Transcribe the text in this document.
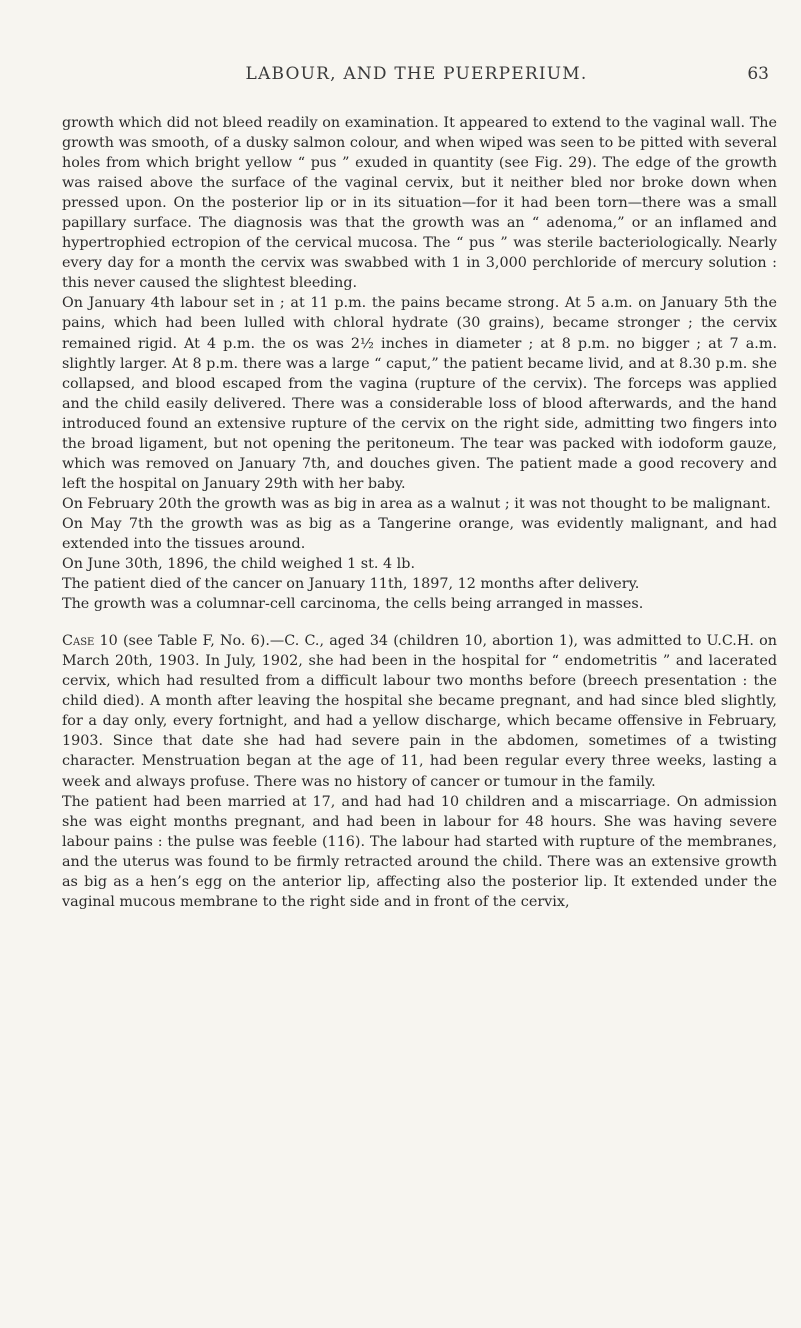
LABOUR, AND THE PUERPERIUM.	63

growth which did not bleed readily on examination. It appeared to extend to the vaginal wall. The growth was smooth, of a dusky salmon colour, and when wiped was seen to be pitted with several holes from which bright yellow “ pus ” exuded in quantity (see Fig. 29). The edge of the growth was raised above the surface of the vaginal cervix, but it neither bled nor broke down when pressed upon. On the posterior lip or in its situation—for it had been torn—there was a small papillary surface. The diagnosis was that the growth was an “ adenoma,” or an inflamed and hypertrophied ectropion of the cervical mucosa. The “ pus ” was sterile bacteriologically. Nearly every day for a month the cervix was swabbed with 1 in 3,000 perchloride of mercury solution : this never caused the slightest bleeding.

On January 4th labour set in ; at 11 p.m. the pains became strong. At 5 a.m. on January 5th the pains, which had been lulled with chloral hydrate (30 grains), became stronger ; the cervix remained rigid. At 4 p.m. the os was 2½ inches in diameter ; at 8 p.m. no bigger ; at 7 a.m. slightly larger. At 8 p.m. there was a large “ caput,” the patient became livid, and at 8.30 p.m. she collapsed, and blood escaped from the vagina (rupture of the cervix). The forceps was applied and the child easily delivered. There was a considerable loss of blood afterwards, and the hand introduced found an extensive rupture of the cervix on the right side, admitting two fingers into the broad ligament, but not opening the peritoneum. The tear was packed with iodoform gauze, which was removed on January 7th, and douches given. The patient made a good recovery and left the hospital on January 29th with her baby.

On February 20th the growth was as big in area as a walnut ; it was not thought to be malignant.

On May 7th the growth was as big as a Tangerine orange, was evidently malignant, and had extended into the tissues around.

On June 30th, 1896, the child weighed 1 st. 4 lb.

The patient died of the cancer on January 11th, 1897, 12 months after delivery.

The growth was a columnar-cell carcinoma, the cells being arranged in masses.

Case 10 (see Table F, No. 6).—C. C., aged 34 (children 10, abortion 1), was admitted to U.C.H. on March 20th, 1903. In July, 1902, she had been in the hospital for “ endometritis ” and lacerated cervix, which had resulted from a difficult labour two months before (breech presentation : the child died). A month after leaving the hospital she became pregnant, and had since bled slightly, for a day only, every fortnight, and had a yellow discharge, which became offensive in February, 1903. Since that date she had had severe pain in the abdomen, sometimes of a twisting character. Menstruation began at the age of 11, had been regular every three weeks, lasting a week and always profuse. There was no history of cancer or tumour in the family.

The patient had been married at 17, and had had 10 children and a miscarriage. On admission she was eight months pregnant, and had been in labour for 48 hours. She was having severe labour pains : the pulse was feeble (116). The labour had started with rupture of the membranes, and the uterus was found to be firmly retracted around the child. There was an extensive growth as big as a hen’s egg on the anterior lip, affecting also the posterior lip. It extended under the vaginal mucous membrane to the right side and in front of the cervix,
